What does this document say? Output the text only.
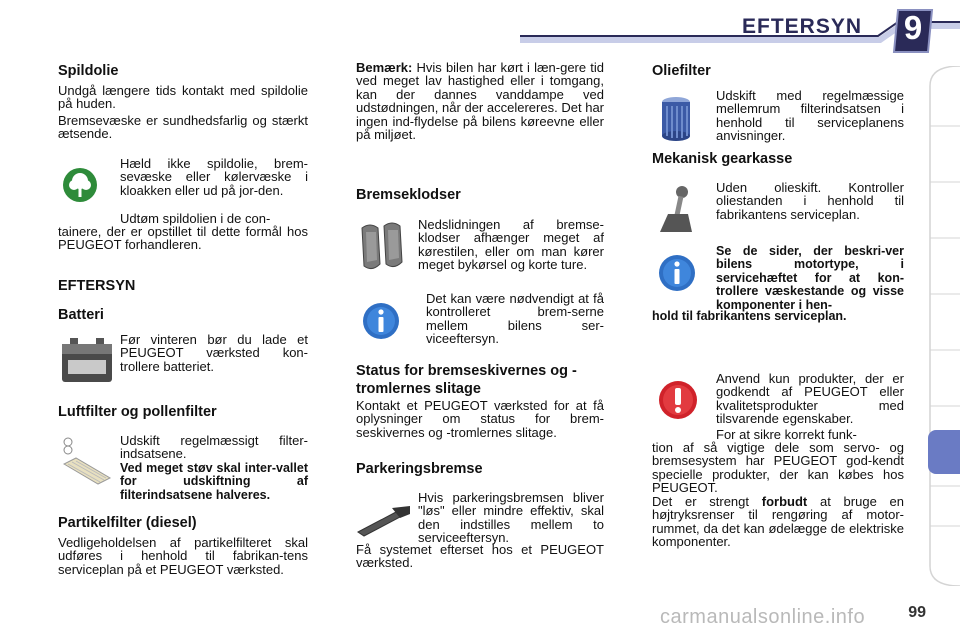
EFTERSYN	9
Spildolie

Undgå længere tids kontakt med spildolie på huden.

Bremsevæske er sundhedsfarlig og stærkt ætsende.

Hæld ikke spildolie, brem-sevæske eller kølervæske i kloakken eller ud på jor-den.

Udtøm spildolien i de con-

tainere, der er opstillet til dette formål hos PEUGEOT forhandleren.

EFTERSYN
Batteri

Før vinteren bør du lade et PEUGEOT værksted kon-trollere batteriet.

Luftfilter og pollenfilter

Udskift regelmæssigt filter-indsatsene.

Ved meget støv skal inter-vallet for udskiftning af filterindsatsene halveres.

Partikelfilter (diesel)

Vedligeholdelsen af partikelfilteret skal udføres i henhold til fabrikan-tens serviceplan på et PEUGEOT værksted.

Bemærk: Hvis bilen har kørt i læn-gere tid ved meget lav hastighed eller i tomgang, kan der dannes vanddampe ved udstødningen, når der accelereres. Det har ingen ind-flydelse på bilens køreevne eller på miljøet.

Bremseklodser

Nedslidningen af bremse-klodser afhænger meget af kørestilen, eller om man kører meget bykørsel og korte ture.

Det kan være nødvendigt at få kontrolleret brem-serne mellem bilens ser-viceeftersyn.

Status for bremseskivernes og -tromlernes slitage

Kontakt et PEUGEOT værksted for at få oplysninger om status for brem-seskivernes og -tromlernes slitage.

Parkeringsbremse

Hvis parkeringsbremsen bliver "løs" eller mindre effektiv, skal den indstilles mellem to serviceeftersyn.

Få systemet efterset hos et PEUGEOT værksted.

Oliefilter

Udskift med regelmæssige mellemrum filterindsatsen i henhold til serviceplanens anvisninger.

Mekanisk gearkasse

Uden olieskift. Kontroller oliestanden i henhold til fabrikantens serviceplan.

Se de sider, der beskri-ver bilens motortype, i servicehæftet for at kon-trollere væskestande og visse komponenter i hen-

hold til fabrikantens serviceplan.

Anvend kun produkter, der er godkendt af PEUGEOT eller kvalitetsprodukter med tilsvarende egenskaber.

For at sikre korrekt funk-

tion af så vigtige dele som servo- og bremsesystem har PEUGEOT god-kendt specielle produkter, der kan købes hos PEUGEOT.

Det er strengt forbudt at bruge en højtryksrenser til rengøring af motor-rummet, da det kan ødelægge de elektriske komponenter.

carmanualsonline.info	99
